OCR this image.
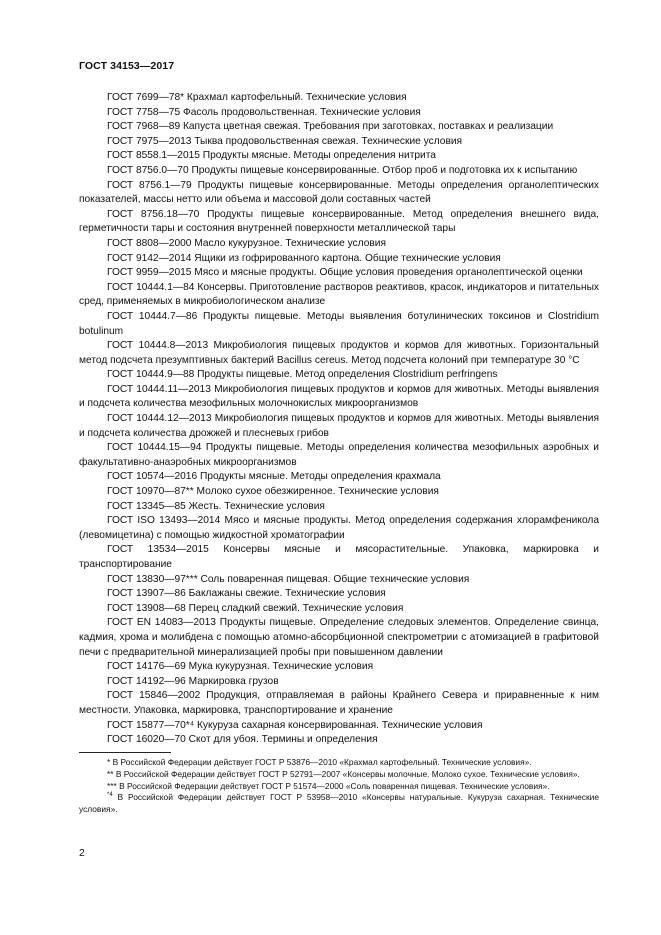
ГОСТ 34153—2017

ГОСТ 7699—78* Крахмал картофельный. Технические условия

ГОСТ 7758—75 Фасоль продовольственная. Технические условия

ГОСТ 7968—89 Капуста цветная свежая. Требования при заготовках, поставках и реализации

ГОСТ 7975—2013 Тыква продовольственная свежая. Технические условия

ГОСТ 8558.1—2015 Продукты мясные. Методы определения нитрита

ГОСТ 8756.0—70 Продукты пищевые консервированные. Отбор проб и подготовка их к испытанию

ГОСТ 8756.1—79 Продукты пищевые консервированные. Методы определения органолептических показателей, массы нетто или объема и массовой доли составных частей

ГОСТ 8756.18—70 Продукты пищевые консервированные. Метод определения внешнего вида, герметичности тары и состояния внутренней поверхности металлической тары

ГОСТ 8808—2000 Масло кукурузное. Технические условия

ГОСТ 9142—2014 Ящики из гофрированного картона. Общие технические условия

ГОСТ 9959—2015 Мясо и мясные продукты. Общие условия проведения органолептической оценки

ГОСТ 10444.1—84 Консервы. Приготовление растворов реактивов, красок, индикаторов и питательных сред, применяемых в микробиологическом анализе

ГОСТ 10444.7—86 Продукты пищевые. Методы выявления ботулинических токсинов и Clostridium botulinum

ГОСТ 10444.8—2013 Микробиология пищевых продуктов и кормов для животных. Горизонтальный метод подсчета презумптивных бактерий Bacillus cereus. Метод подсчета колоний при температуре 30 °C

ГОСТ 10444.9—88 Продукты пищевые. Метод определения Clostridium perfringens

ГОСТ 10444.11—2013 Микробиология пищевых продуктов и кормов для животных. Методы выявления и подсчета количества мезофильных молочнокислых микроорганизмов

ГОСТ 10444.12—2013 Микробиология пищевых продуктов и кормов для животных. Методы выявления и подсчета количества дрожжей и плесневых грибов

ГОСТ 10444.15—94 Продукты пищевые. Методы определения количества мезофильных аэробных и факультативно-анаэробных микроорганизмов

ГОСТ 10574—2016 Продукты мясные. Методы определения крахмала

ГОСТ 10970—87** Молоко сухое обезжиренное. Технические условия

ГОСТ 13345—85 Жесть. Технические условия

ГОСТ ISO 13493—2014 Мясо и мясные продукты. Метод определения содержания хлорамфеникола (левомицетина) с помощью жидкостной хроматографии

ГОСТ 13534—2015 Консервы мясные и мясорастительные. Упаковка, маркировка и транспортирование

ГОСТ 13830—97*** Соль поваренная пищевая. Общие технические условия

ГОСТ 13907—86 Баклажаны свежие. Технические условия

ГОСТ 13908—68 Перец сладкий свежий. Технические условия

ГОСТ EN 14083—2013 Продукты пищевые. Определение следовых элементов. Определение свинца, кадмия, хрома и молибдена с помощью атомно-абсорбционной спектрометрии с атомизацией в графитовой печи с предварительной минерализацией пробы при повышенном давлении

ГОСТ 14176—69 Мука кукурузная. Технические условия

ГОСТ 14192—96 Маркировка грузов

ГОСТ 15846—2002 Продукция, отправляемая в районы Крайнего Севера и приравненные к ним местности. Упаковка, маркировка, транспортирование и хранение

ГОСТ 15877—70*⁴ Кукуруза сахарная консервированная. Технические условия

ГОСТ 16020—70 Скот для убоя. Термины и определения

* В Российской Федерации действует ГОСТ Р 53876—2010 «Крахмал картофельный. Технические условия».

** В Российской Федерации действует ГОСТ Р 52791—2007 «Консервы молочные. Молоко сухое. Технические условия».

*** В Российской Федерации действует ГОСТ Р 51574—2000 «Соль поваренная пищевая. Технические условия».

$^{*4}$ В Российской Федерации действует ГОСТ Р 53958—2010 «Консервы натуральные. Кукуруза сахарная. Технические условия».

2
